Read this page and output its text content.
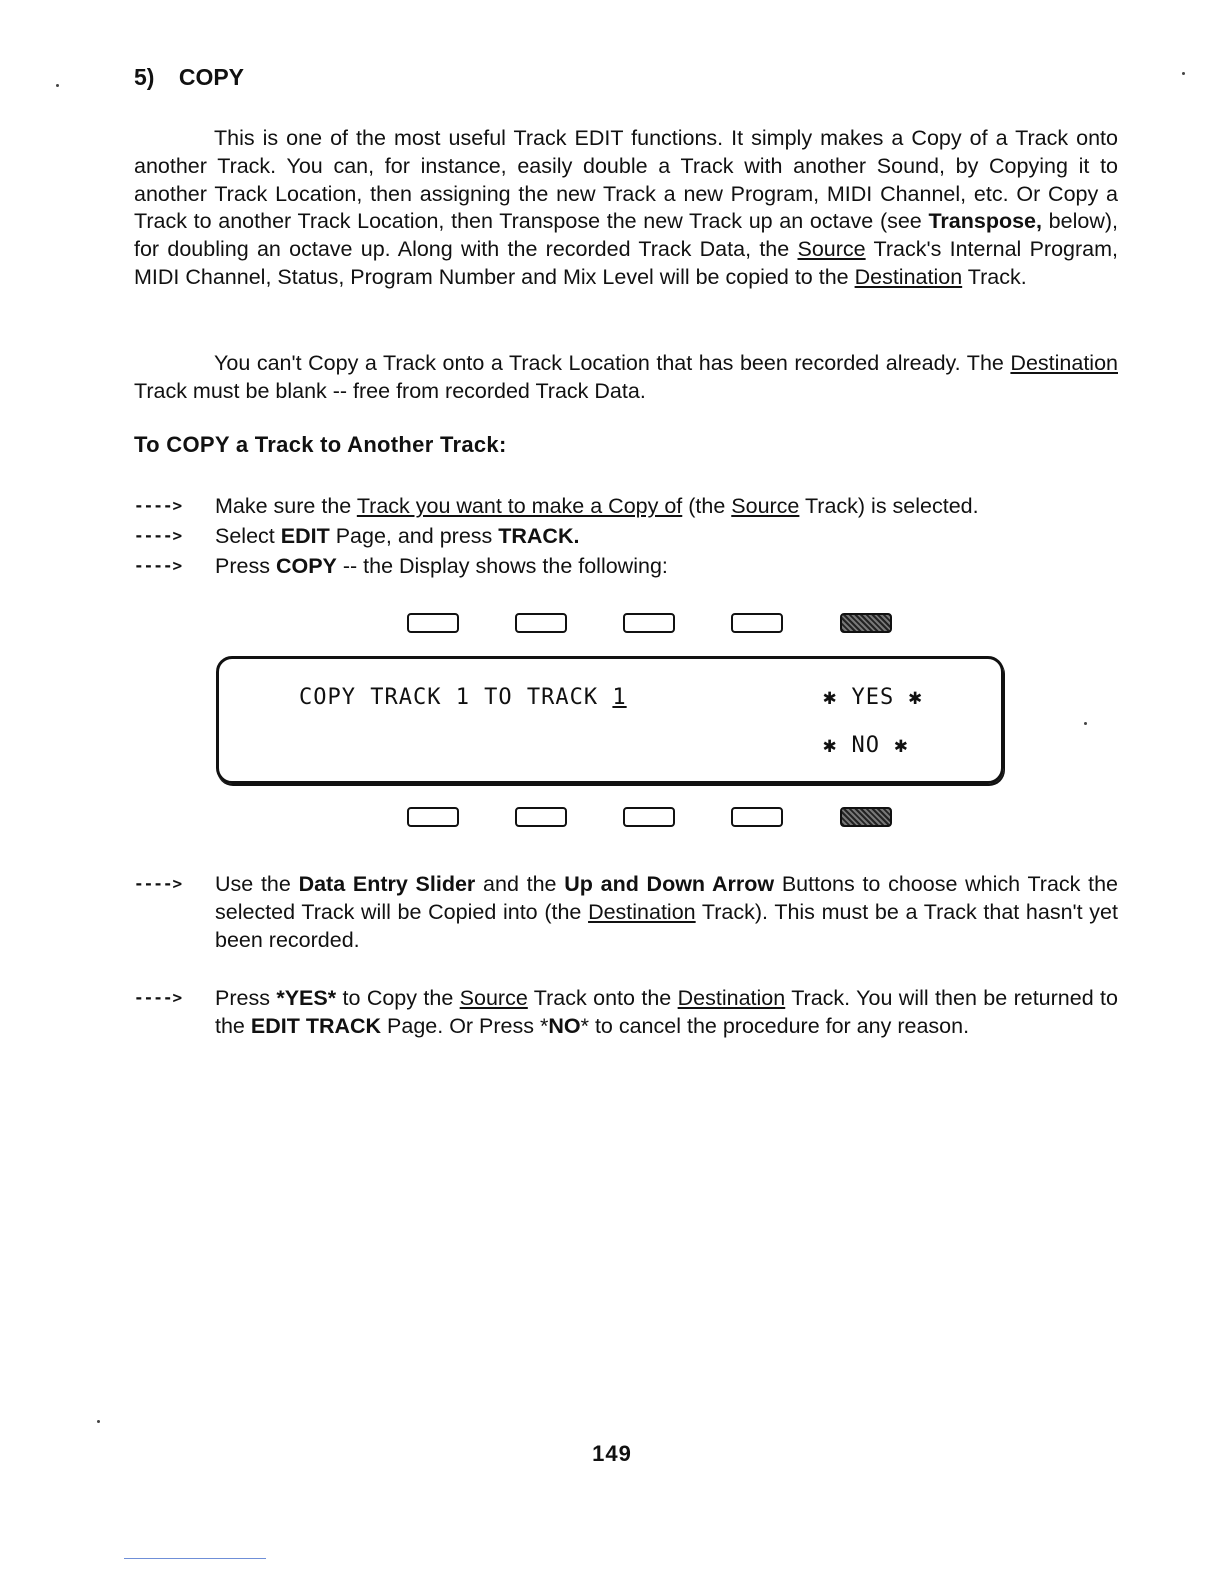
5) COPY

This is one of the most useful Track EDIT functions. It simply makes a Copy of a Track onto another Track. You can, for instance, easily double a Track with another Sound, by Copying it to another Track Location, then assigning the new Track a new Program, MIDI Channel, etc. Or Copy a Track to another Track Location, then Transpose the new Track up an octave (see Transpose, below), for doubling an octave up. Along with the recorded Track Data, the Source Track's Internal Program, MIDI Channel, Status, Program Number and Mix Level will be copied to the Destination Track.

You can't Copy a Track onto a Track Location that has been recorded already. The Destination Track must be blank -- free from recorded Track Data.

To COPY a Track to Another Track:
---->	Make sure the Track you want to make a Copy of (the Source Track) is selected.
---->	Select EDIT Page, and press TRACK.
---->	Press COPY -- the Display shows the following:
COPY TRACK 1 TO TRACK 1	✱ YES ✱
✱ NO ✱
---->	Use the Data Entry Slider and the Up and Down Arrow Buttons to choose which Track the selected Track will be Copied into (the Destination Track). This must be a Track that hasn't yet been recorded.
---->	Press *YES* to Copy the Source Track onto the Destination Track. You will then be returned to the EDIT TRACK Page. Or Press *NO* to cancel the procedure for any reason.
149
